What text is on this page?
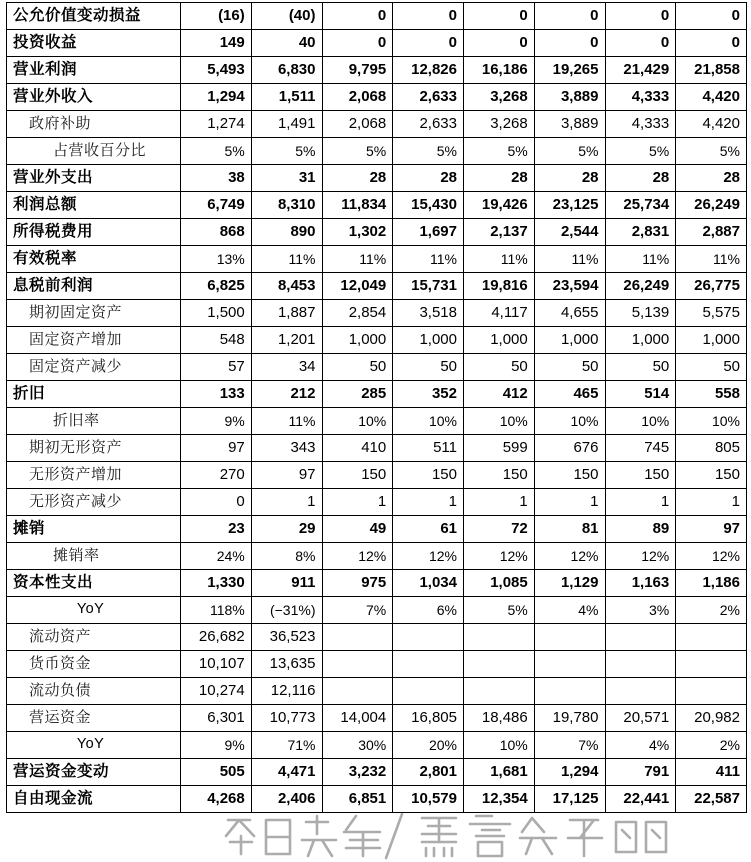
公允价值变动损益	(16)	(40)	0	0	0	0	0	0
投资收益	149	40	0	0	0	0	0	0
营业利润	5,493	6,830	9,795	12,826	16,186	19,265	21,429	21,858
营业外收入	1,294	1,511	2,068	2,633	3,268	3,889	4,333	4,420
政府补助	1,274	1,491	2,068	2,633	3,268	3,889	4,333	4,420
占营收百分比	5%	5%	5%	5%	5%	5%	5%	5%
营业外支出	38	31	28	28	28	28	28	28
利润总额	6,749	8,310	11,834	15,430	19,426	23,125	25,734	26,249
所得税费用	868	890	1,302	1,697	2,137	2,544	2,831	2,887
有效税率	13%	11%	11%	11%	11%	11%	11%	11%
息税前利润	6,825	8,453	12,049	15,731	19,816	23,594	26,249	26,775
期初固定资产	1,500	1,887	2,854	3,518	4,117	4,655	5,139	5,575
固定资产增加	548	1,201	1,000	1,000	1,000	1,000	1,000	1,000
固定资产减少	57	34	50	50	50	50	50	50
折旧	133	212	285	352	412	465	514	558
折旧率	9%	11%	10%	10%	10%	10%	10%	10%
期初无形资产	97	343	410	511	599	676	745	805
无形资产增加	270	97	150	150	150	150	150	150
无形资产减少	0	1	1	1	1	1	1	1
摊销	23	29	49	61	72	81	89	97
摊销率	24%	8%	12%	12%	12%	12%	12%	12%
资本性支出	1,330	911	975	1,034	1,085	1,129	1,163	1,186
YoY	118%	(−31%)	7%	6%	5%	4%	3%	2%
流动资产	26,682	36,523						
货币资金	10,107	13,635						
流动负债	10,274	12,116						
营运资金	6,301	10,773	14,004	16,805	18,486	19,780	20,571	20,982
YoY	9%	71%	30%	20%	10%	7%	4%	2%
营运资金变动	505	4,471	3,232	2,801	1,681	1,294	791	411
自由现金流	4,268	2,406	6,851	10,579	12,354	17,125	22,441	22,587
